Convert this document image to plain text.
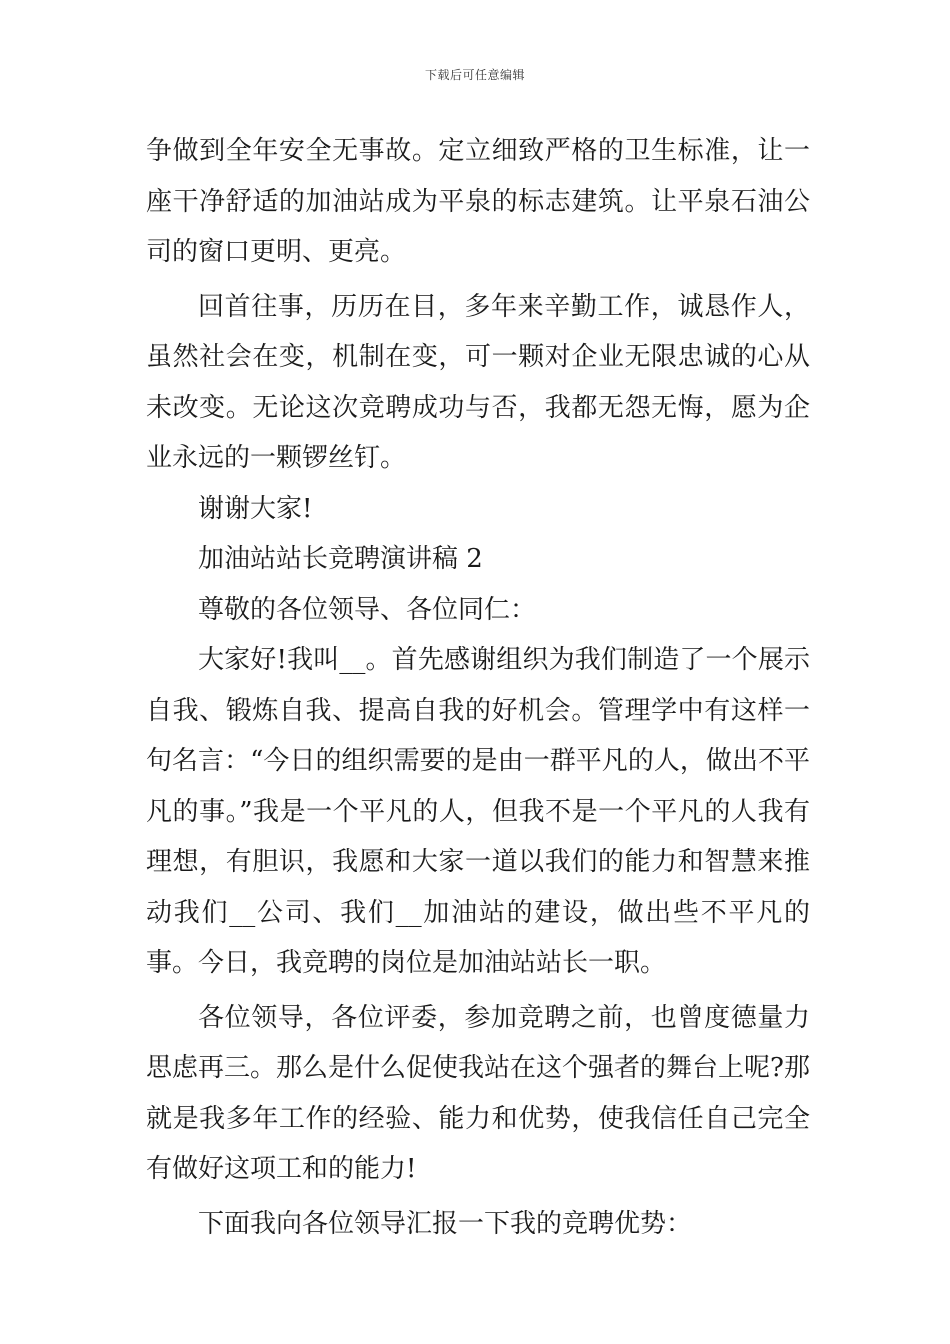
下载后可任意编辑

争做到全年安全无事故。定立细致严格的卫生标准，让一座干净舒适的加油站成为平泉的标志建筑。让平泉石油公司的窗口更明、更亮。

回首往事，历历在目，多年来辛勤工作，诚恳作人，虽然社会在变，机制在变，可一颗对企业无限忠诚的心从未改变。无论这次竞聘成功与否，我都无怨无悔，愿为企业永远的一颗锣丝钉。

谢谢大家!

加油站站长竞聘演讲稿 2

尊敬的各位领导、各位同仁：

大家好!我叫__。首先感谢组织为我们制造了一个展示自我、锻炼自我、提高自我的好机会。管理学中有这样一句名言：“今日的组织需要的是由一群平凡的人，做出不平凡的事。”我是一个平凡的人，但我不是一个平凡的人我有理想，有胆识，我愿和大家一道以我们的能力和智慧来推动我们__公司、我们__加油站的建设，做出些不平凡的事。今日，我竞聘的岗位是加油站站长一职。

各位领导，各位评委，参加竞聘之前，也曾度德量力思虑再三。那么是什么促使我站在这个强者的舞台上呢?那就是我多年工作的经验、能力和优势，使我信任自己完全有做好这项工和的能力!

下面我向各位领导汇报一下我的竞聘优势：
